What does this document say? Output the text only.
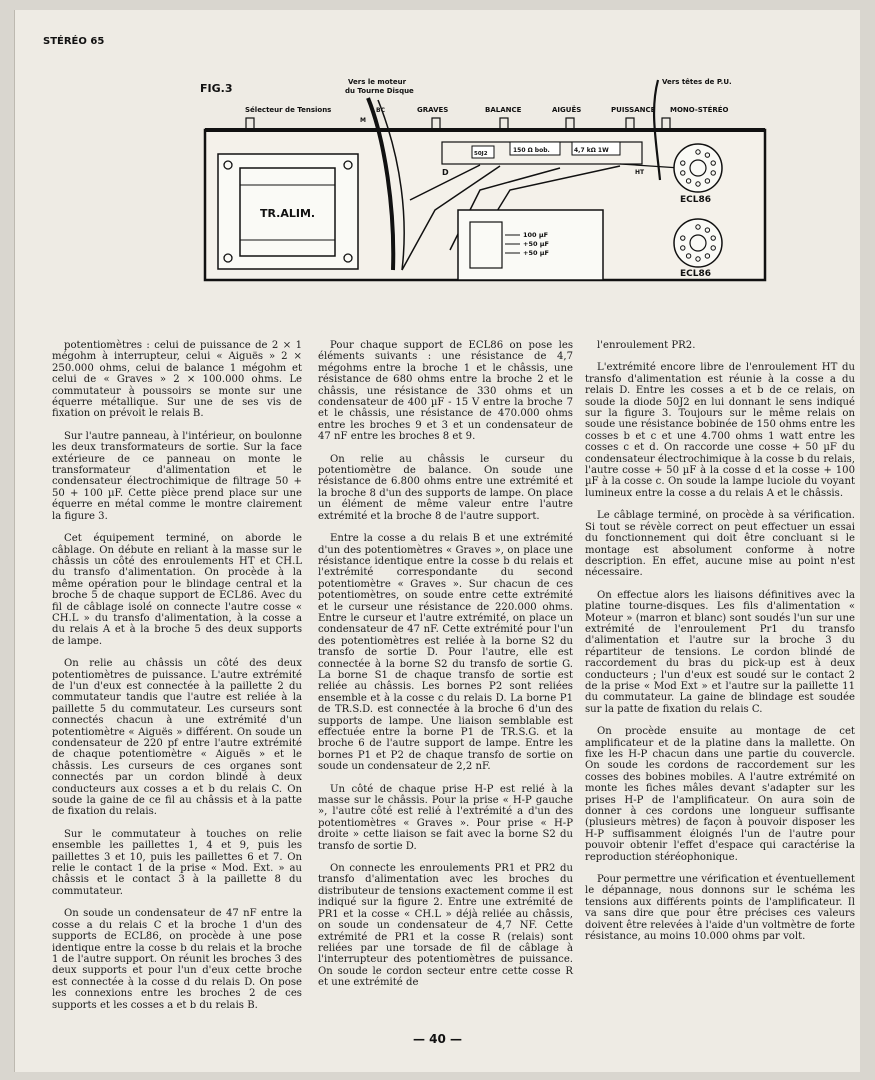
STÉRÉO 65
FIG.3
Sélecteur de Tensions
Vers le moteur
du Tourne Disque
BC
M
GRAVES	BALANCE	AIGUËS	PUISSANCE MONO-STÉRÉO
Vers têtes de P.U.
TR.ALIM.
50J2	150 Ω bob.	4,7 kΩ 1W
D	HT
100 µF
+50 µF
+50 µF
ECL86
ECL86

potentiomètres : celui de puissance de 2 × 1 mégohm à interrupteur, celui « Aiguës » 2 × 250.000 ohms, celui de balance 1 mégohm et celui de « Graves » 2 × 100.000 ohms. Le commutateur à poussoirs se monte sur une équerre métallique. Sur une de ses vis de fixation on prévoit le relais B.

Sur l'autre panneau, à l'intérieur, on boulonne les deux transformateurs de sortie. Sur la face extérieure de ce panneau on monte le transformateur d'alimentation et le condensateur électrochimique de filtrage 50 + 50 + 100 µF. Cette pièce prend place sur une équerre en métal comme le montre clairement la figure 3.

Cet équipement terminé, on aborde le câblage. On débute en reliant à la masse sur le châssis un côté des enroulements HT et CH.L du transfo d'alimentation. On procède à la même opération pour le blindage central et la broche 5 de chaque support de ECL86. Avec du fil de câblage isolé on connecte l'autre cosse « CH.L » du transfo d'alimentation, à la cosse a du relais A et à la broche 5 des deux supports de lampe.

On relie au châssis un côté des deux potentiomètres de puissance. L'autre extrémité de l'un d'eux est connectée à la paillette 2 du commutateur tandis que l'autre est reliée à la paillette 5 du commutateur. Les curseurs sont connectés chacun à une extrémité d'un potentiomètre « Aiguës » différent. On soude un condensateur de 220 pf entre l'autre extrémité de chaque potentiomètre « Aiguës » et le châssis. Les curseurs de ces organes sont connectés par un cordon blindé à deux conducteurs aux cosses a et b du relais C. On soude la gaine de ce fil au châssis et à la patte de fixation du relais.

Sur le commutateur à touches on relie ensemble les paillettes 1, 4 et 9, puis les paillettes 3 et 10, puis les paillettes 6 et 7. On relie le contact 1 de la prise « Mod. Ext. » au châssis et le contact 3 à la paillette 8 du commutateur.

On soude un condensateur de 47 nF entre la cosse a du relais C et la broche 1 d'un des supports de ECL86, on procède à une pose identique entre la cosse b du relais et la broche 1 de l'autre support. On réunit les broches 3 des deux supports et pour l'un d'eux cette broche est connectée à la cosse d du relais D. On pose les connexions entre les broches 2 de ces supports et les cosses a et b du relais B.

Pour chaque support de ECL86 on pose les éléments suivants : une résistance de 4,7 mégohms entre la broche 1 et le châssis, une résistance de 680 ohms entre la broche 2 et le châssis, une résistance de 330 ohms et un condensateur de 400 µF - 15 V entre la broche 7 et le châssis, une résistance de 470.000 ohms entre les broches 9 et 3 et un condensateur de 47 nF entre les broches 8 et 9.

On relie au châssis le curseur du potentiomètre de balance. On soude une résistance de 6.800 ohms entre une extrémité et la broche 8 d'un des supports de lampe. On place un élément de même valeur entre l'autre extrémité et la broche 8 de l'autre support.

Entre la cosse a du relais B et une extrémité d'un des potentiomètres « Graves », on place une résistance identique entre la cosse b du relais et l'extrémité correspondante du second potentiomètre « Graves ». Sur chacun de ces potentiomètres, on soude entre cette extrémité et le curseur une résistance de 220.000 ohms. Entre le curseur et l'autre extrémité, on place un condensateur de 47 nF. Cette extrémité pour l'un des potentiomètres est reliée à la borne S2 du transfo de sortie D. Pour l'autre, elle est connectée à la borne S2 du transfo de sortie G. La borne S1 de chaque transfo de sortie est reliée au châssis. Les bornes P2 sont reliées ensemble et à la cosse c du relais D. La borne P1 de TR.S.D. est connectée à la broche 6 d'un des supports de lampe. Une liaison semblable est effectuée entre la borne P1 de TR.S.G. et la broche 6 de l'autre support de lampe. Entre les bornes P1 et P2 de chaque transfo de sortie on soude un condensateur de 2,2 nF.

Un côté de chaque prise H-P est relié à la masse sur le châssis. Pour la prise « H-P gauche », l'autre côté est relié à l'extrémité a d'un des potentiomètres « Graves ». Pour prise « H-P droite » cette liaison se fait avec la borne S2 du transfo de sortie D.

On connecte les enroulements PR1 et PR2 du transfo d'alimentation avec les broches du distributeur de tensions exactement comme il est indiqué sur la figure 2. Entre une extrémité de PR1 et la cosse « CH.L » déjà reliée au châssis, on soude un condensateur de 4,7 NF. Cette extrémité de PR1 et la cosse R (relais) sont reliées par une torsade de fil de câblage à l'interrupteur des potentiomètres de puissance. On soude le cordon secteur entre cette cosse R et une extrémité de

l'enroulement PR2.

L'extrémité encore libre de l'enroulement HT du transfo d'alimentation est réunie à la cosse a du relais D. Entre les cosses a et b de ce relais, on soude la diode 50J2 en lui donnant le sens indiqué sur la figure 3. Toujours sur le même relais on soude une résistance bobinée de 150 ohms entre les cosses b et c et une 4.700 ohms 1 watt entre les cosses c et d. On raccorde une cosse + 50 µF du condensateur électrochimique à la cosse b du relais, l'autre cosse + 50 µF à la cosse d et la cosse + 100 µF à la cosse c. On soude la lampe luciole du voyant lumineux entre la cosse a du relais A et le châssis.

Le câblage terminé, on procède à sa vérification. Si tout se révèle correct on peut effectuer un essai du fonctionnement qui doit être concluant si le montage est absolument conforme à notre description. En effet, aucune mise au point n'est nécessaire.

On effectue alors les liaisons définitives avec la platine tourne-disques. Les fils d'alimentation « Moteur » (marron et blanc) sont soudés l'un sur une extrémité de l'enroulement Pr1 du transfo d'alimentation et l'autre sur la broche 3 du répartiteur de tensions. Le cordon blindé de raccordement du bras du pick-up est à deux conducteurs ; l'un d'eux est soudé sur le contact 2 de la prise « Mod Ext » et l'autre sur la paillette 11 du commutateur. La gaine de blindage est soudée sur la patte de fixation du relais C.

On procède ensuite au montage de cet amplificateur et de la platine dans la mallette. On fixe les H-P chacun dans une partie du couvercle. On soude les cordons de raccordement sur les cosses des bobines mobiles. A l'autre extrémité on monte les fiches mâles devant s'adapter sur les prises H-P de l'amplificateur. On aura soin de donner à ces cordons une longueur suffisante (plusieurs mètres) de façon à pouvoir disposer les H-P suffisamment éloignés l'un de l'autre pour pouvoir obtenir l'effet d'espace qui caractérise la reproduction stéréophonique.

Pour permettre une vérification et éventuellement le dépannage, nous donnons sur le schéma les tensions aux différents points de l'amplificateur. Il va sans dire que pour être précises ces valeurs doivent être relevées à l'aide d'un voltmètre de forte résistance, au moins 10.000 ohms par volt.

— 40 —
